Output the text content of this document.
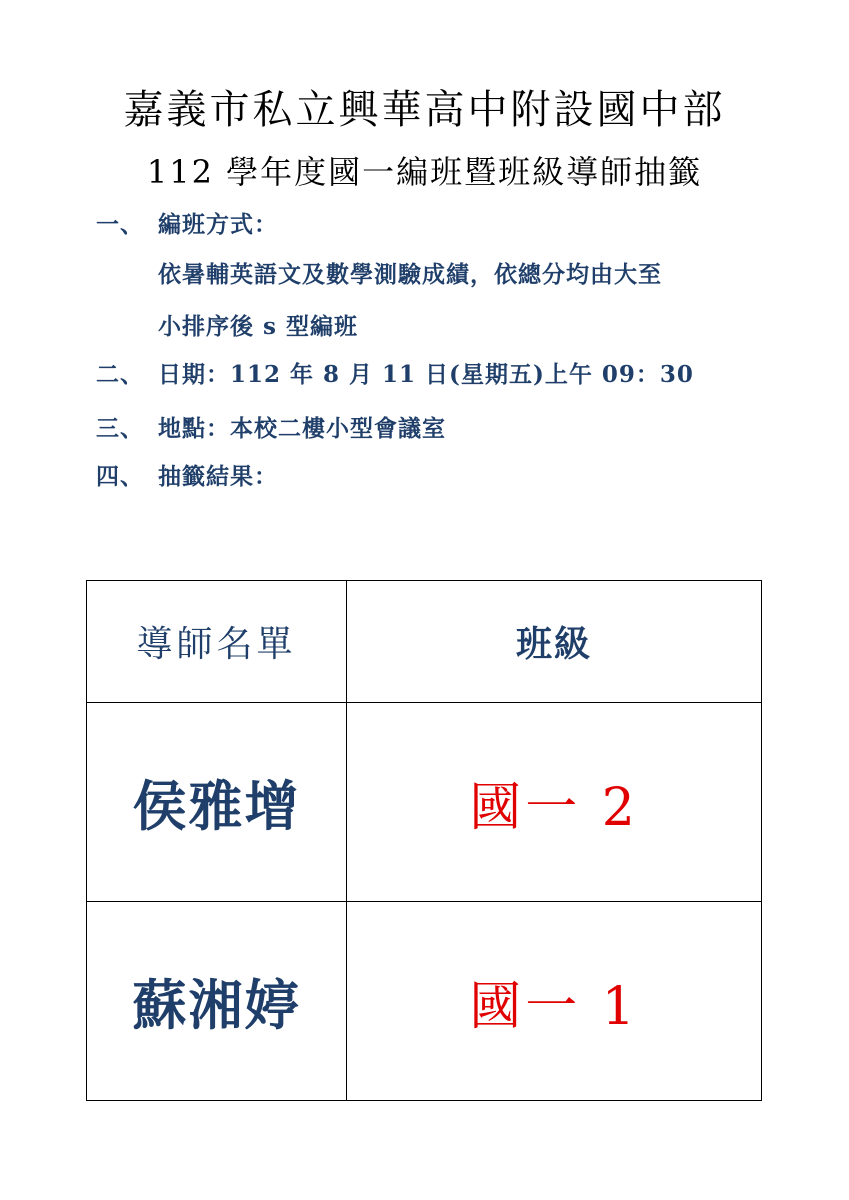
嘉義市私立興華高中附設國中部
112 學年度國一編班暨班級導師抽籤
一、 編班方式：
依暑輔英語文及數學測驗成績，依總分均由大至
小排序後 s 型編班
二、 日期：112 年 8 月 11 日(星期五)上午 09：30
三、 地點：本校二樓小型會議室
四、 抽籤結果：
導師名單	班級
侯雅增	國一 2
蘇湘婷	國一 1
